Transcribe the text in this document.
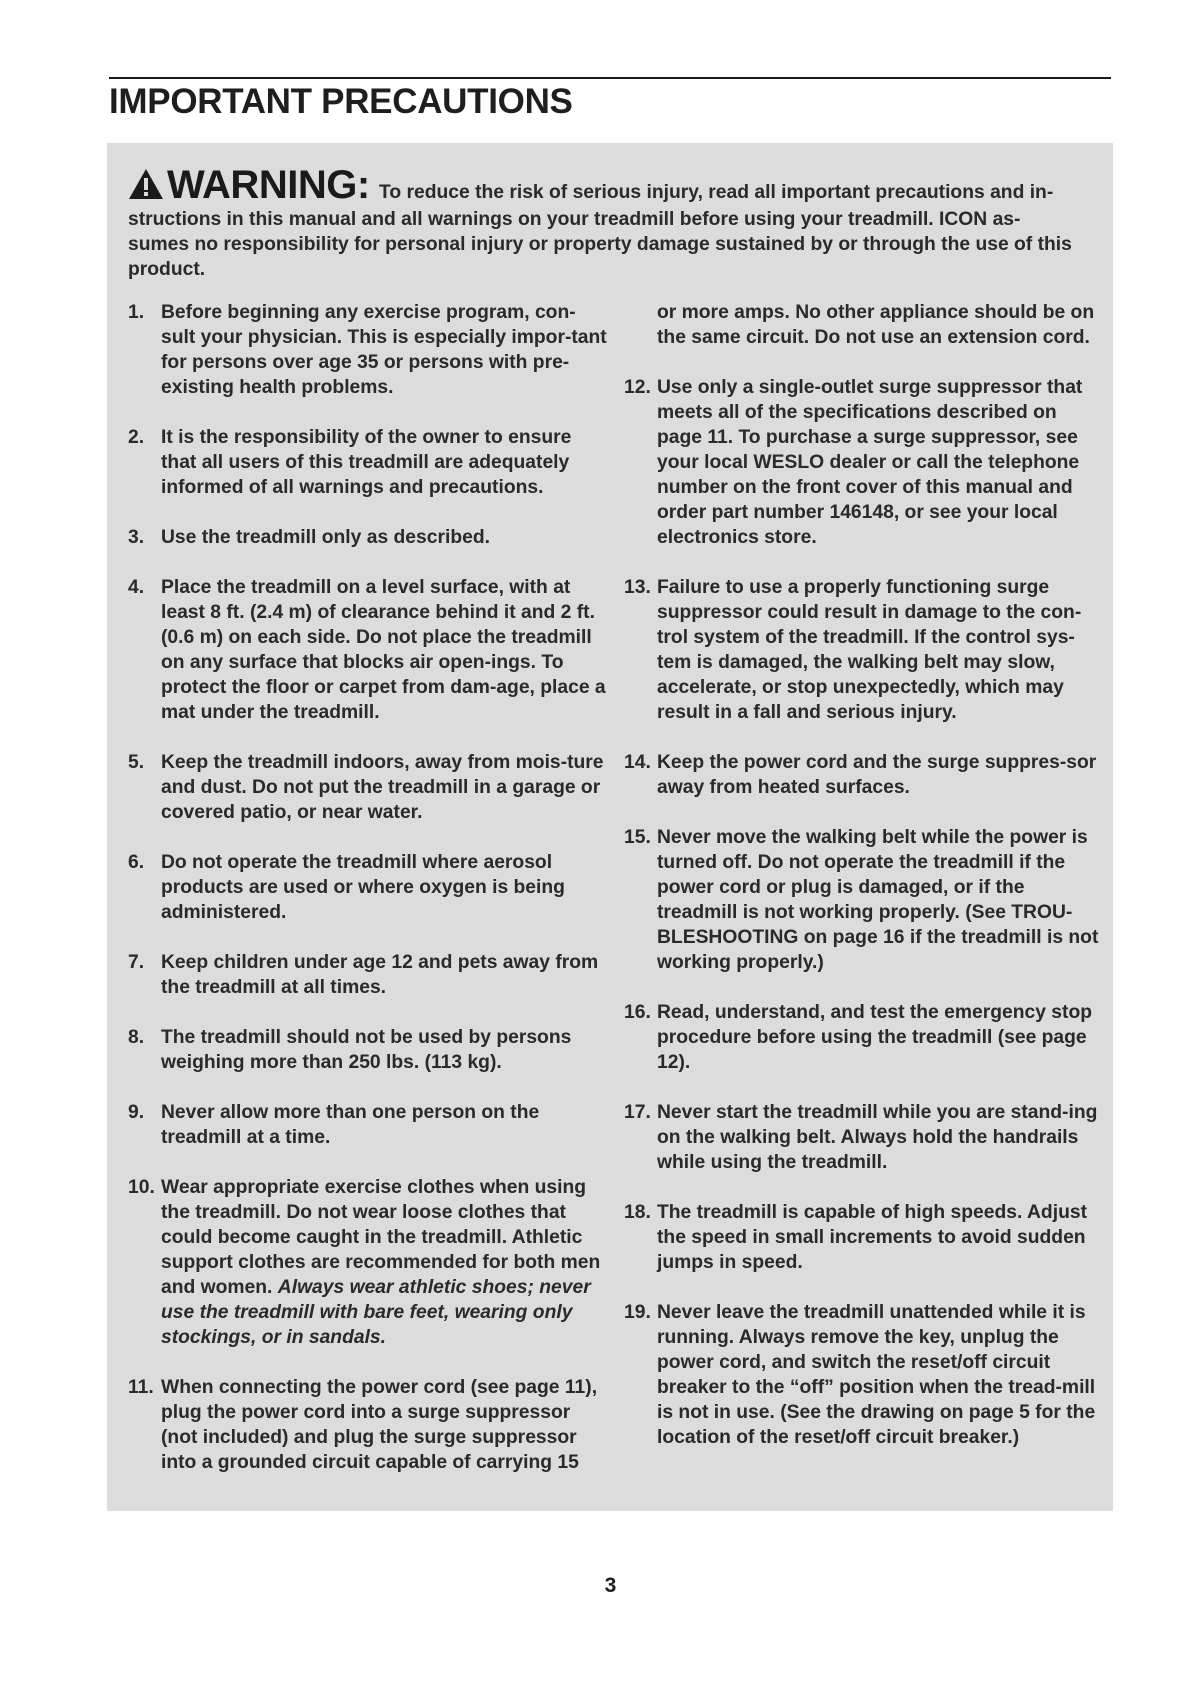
IMPORTANT PRECAUTIONS
WARNING: To reduce the risk of serious injury, read all important precautions and in-structions in this manual and all warnings on your treadmill before using your treadmill. ICON as-sumes no responsibility for personal injury or property damage sustained by or through the use of this product.
1. Before beginning any exercise program, con-sult your physician. This is especially impor-tant for persons over age 35 or persons with pre-existing health problems.
2. It is the responsibility of the owner to ensure that all users of this treadmill are adequately informed of all warnings and precautions.
3. Use the treadmill only as described.
4. Place the treadmill on a level surface, with at least 8 ft. (2.4 m) of clearance behind it and 2 ft. (0.6 m) on each side. Do not place the treadmill on any surface that blocks air open-ings. To protect the floor or carpet from dam-age, place a mat under the treadmill.
5. Keep the treadmill indoors, away from mois-ture and dust. Do not put the treadmill in a garage or covered patio, or near water.
6. Do not operate the treadmill where aerosol products are used or where oxygen is being administered.
7. Keep children under age 12 and pets away from the treadmill at all times.
8. The treadmill should not be used by persons weighing more than 250 lbs. (113 kg).
9. Never allow more than one person on the treadmill at a time.
10. Wear appropriate exercise clothes when using the treadmill. Do not wear loose clothes that could become caught in the treadmill. Athletic support clothes are recommended for both men and women. Always wear athletic shoes; never use the treadmill with bare feet, wearing only stockings, or in sandals.
11. When connecting the power cord (see page 11), plug the power cord into a surge suppressor (not included) and plug the surge suppressor into a grounded circuit capable of carrying 15
or more amps. No other appliance should be on the same circuit. Do not use an extension cord.
12. Use only a single-outlet surge suppressor that meets all of the specifications described on page 11. To purchase a surge suppressor, see your local WESLO dealer or call the telephone number on the front cover of this manual and order part number 146148, or see your local electronics store.
13. Failure to use a properly functioning surge suppressor could result in damage to the con-trol system of the treadmill. If the control sys-tem is damaged, the walking belt may slow, accelerate, or stop unexpectedly, which may result in a fall and serious injury.
14. Keep the power cord and the surge suppres-sor away from heated surfaces.
15. Never move the walking belt while the power is turned off. Do not operate the treadmill if the power cord or plug is damaged, or if the treadmill is not working properly. (See TROU-BLESHOOTING on page 16 if the treadmill is not working properly.)
16. Read, understand, and test the emergency stop procedure before using the treadmill (see page 12).
17. Never start the treadmill while you are stand-ing on the walking belt. Always hold the handrails while using the treadmill.
18. The treadmill is capable of high speeds. Adjust the speed in small increments to avoid sudden jumps in speed.
19. Never leave the treadmill unattended while it is running. Always remove the key, unplug the power cord, and switch the reset/off circuit breaker to the “off” position when the tread-mill is not in use. (See the drawing on page 5 for the location of the reset/off circuit breaker.)
3
